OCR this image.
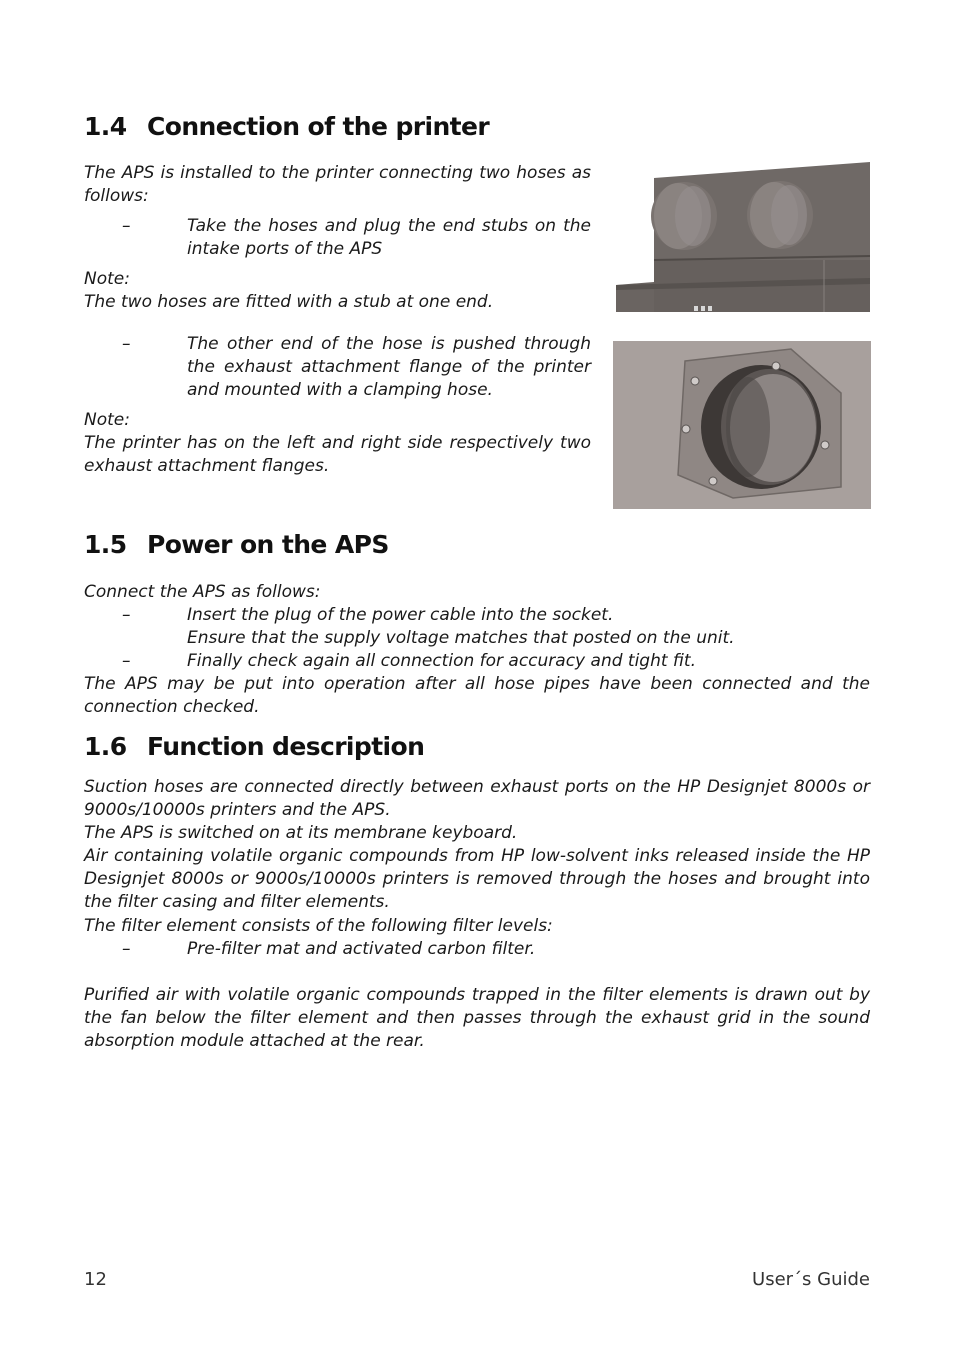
1.4 Connection of the printer

The APS is installed to the printer connecting two hoses as follows:

–	Take the hoses and plug the end stubs on the intake ports of the APS

Note:

The two hoses are fitted with a stub at one end.

–	The other end of the hose is pushed through the exhaust attachment flange of the printer and mounted with a clamping hose.

Note:

The printer has on the left and right side respectively two exhaust attachment flanges.

1.5 Power on the APS

Connect the APS as follows:

–	Insert the plug of the power cable into the socket.

Ensure that the supply voltage matches that posted on the unit.

–	Finally check again all connection for accuracy and tight fit.

The APS may be put into operation after all hose pipes have been connected and the connection checked.

1.6 Function description

Suction hoses are connected directly between exhaust ports on the HP Designjet 8000s or 9000s/10000s printers and the APS.

The APS is switched on at its membrane keyboard.

Air containing volatile organic compounds from HP low-solvent inks released inside the HP Designjet 8000s or 9000s/10000s printers is removed through the hoses and brought into the filter casing and filter elements.

The filter element consists of the following filter levels:

–	Pre-filter mat and activated carbon filter.

Purified air with volatile organic compounds trapped in the filter elements is drawn out by the fan below the filter element and then passes through the exhaust grid in the sound absorption module attached at the rear.

12	User´s Guide
